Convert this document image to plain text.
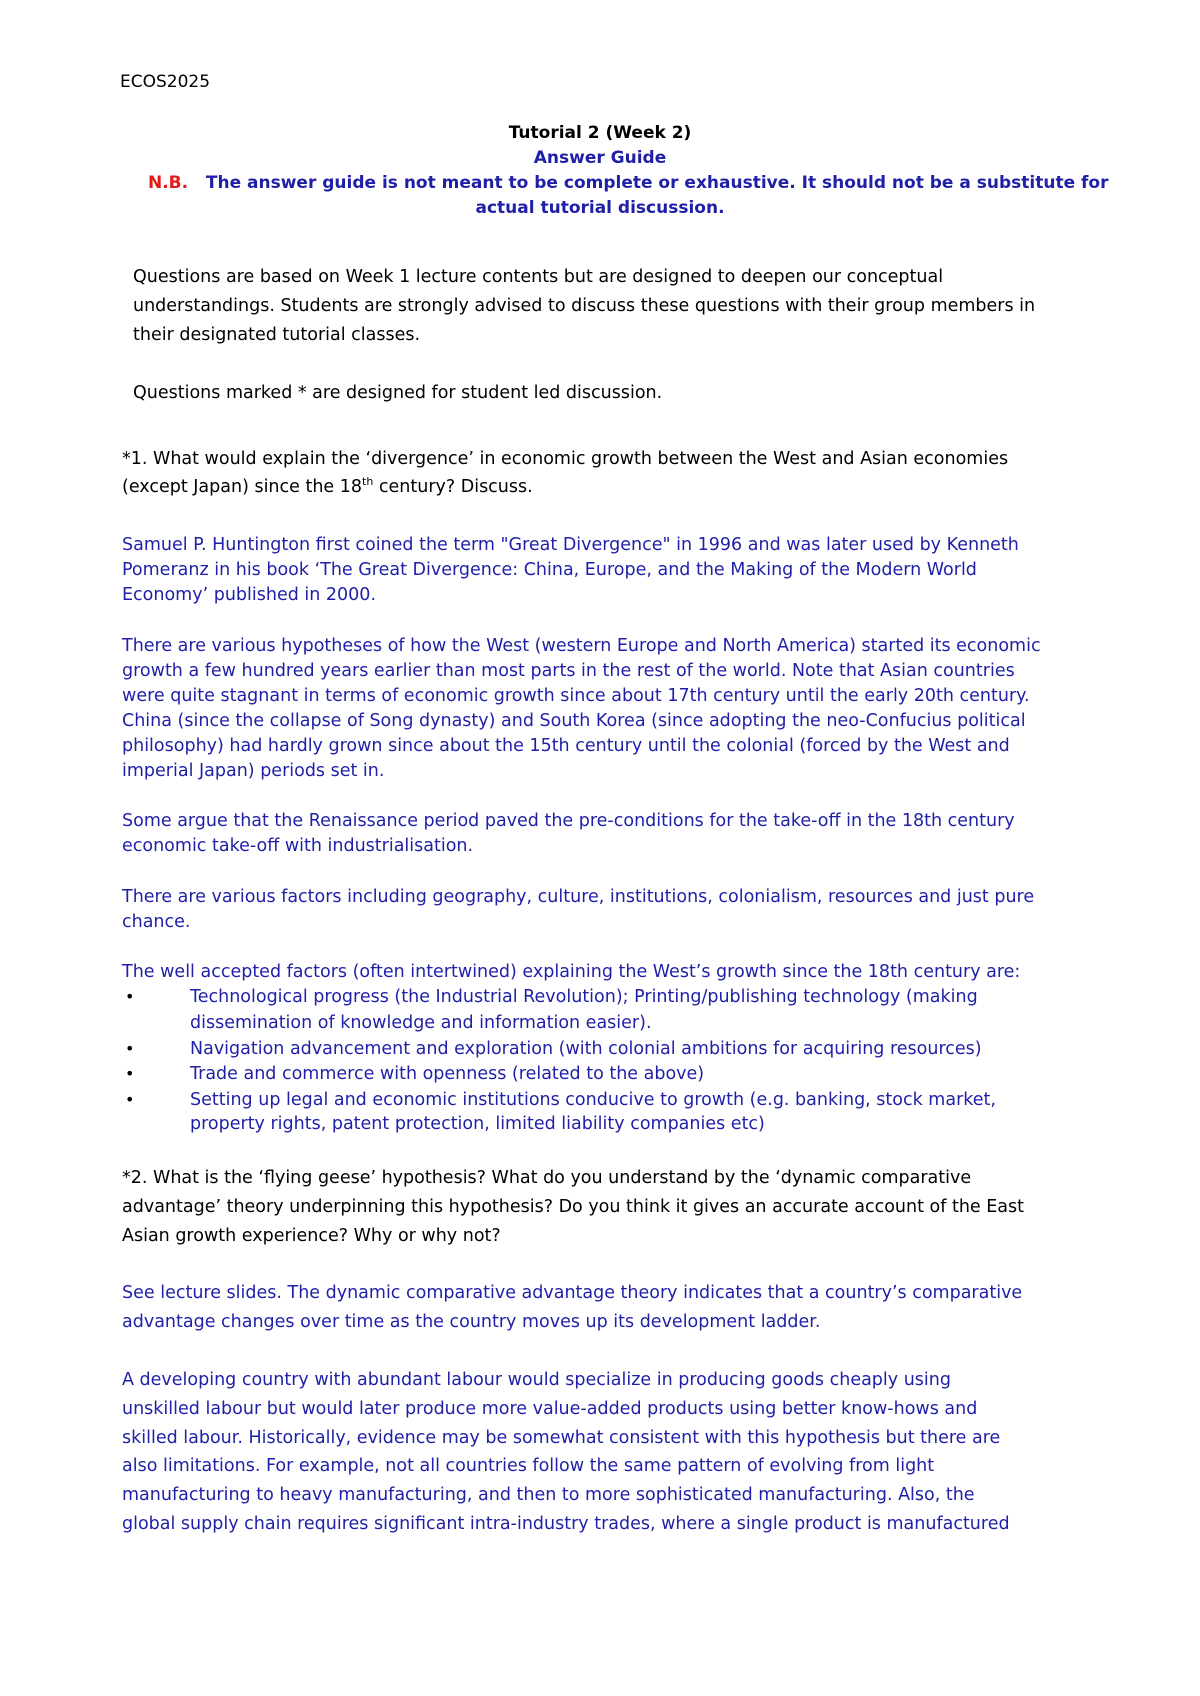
ECOS2025
Tutorial 2 (Week 2)
Answer Guide
N.B. The answer guide is not meant to be complete or exhaustive. It should not be a substitute for
actual tutorial discussion.
Questions are based on Week 1 lecture contents but are designed to deepen our conceptual
understandings. Students are strongly advised to discuss these questions with their group members in
their designated tutorial classes.
Questions marked * are designed for student led discussion.
*1. What would explain the ‘divergence’ in economic growth between the West and Asian economies
(except Japan) since the 18th century? Discuss.
Samuel P. Huntington first coined the term "Great Divergence" in 1996 and was later used by Kenneth
Pomeranz in his book ‘The Great Divergence: China, Europe, and the Making of the Modern World
Economy’ published in 2000.
There are various hypotheses of how the West (western Europe and North America) started its economic
growth a few hundred years earlier than most parts in the rest of the world. Note that Asian countries
were quite stagnant in terms of economic growth since about 17th century until the early 20th century.
China (since the collapse of Song dynasty) and South Korea (since adopting the neo-Confucius political
philosophy) had hardly grown since about the 15th century until the colonial (forced by the West and
imperial Japan) periods set in.
Some argue that the Renaissance period paved the pre-conditions for the take-off in the 18th century
economic take-off with industrialisation.
There are various factors including geography, culture, institutions, colonialism, resources and just pure
chance.
The well accepted factors (often intertwined) explaining the West’s growth since the 18th century are:
•	Technological progress (the Industrial Revolution); Printing/publishing technology (making
dissemination of knowledge and information easier).
•	Navigation advancement and exploration (with colonial ambitions for acquiring resources)
•	Trade and commerce with openness (related to the above)
•	Setting up legal and economic institutions conducive to growth (e.g. banking, stock market,
property rights, patent protection, limited liability companies etc)
*2. What is the ‘flying geese’ hypothesis? What do you understand by the ‘dynamic comparative
advantage’ theory underpinning this hypothesis? Do you think it gives an accurate account of the East
Asian growth experience? Why or why not?
See lecture slides. The dynamic comparative advantage theory indicates that a country’s comparative
advantage changes over time as the country moves up its development ladder.
A developing country with abundant labour would specialize in producing goods cheaply using
unskilled labour but would later produce more value-added products using better know-hows and
skilled labour. Historically, evidence may be somewhat consistent with this hypothesis but there are
also limitations. For example, not all countries follow the same pattern of evolving from light
manufacturing to heavy manufacturing, and then to more sophisticated manufacturing. Also, the
global supply chain requires significant intra-industry trades, where a single product is manufactured
